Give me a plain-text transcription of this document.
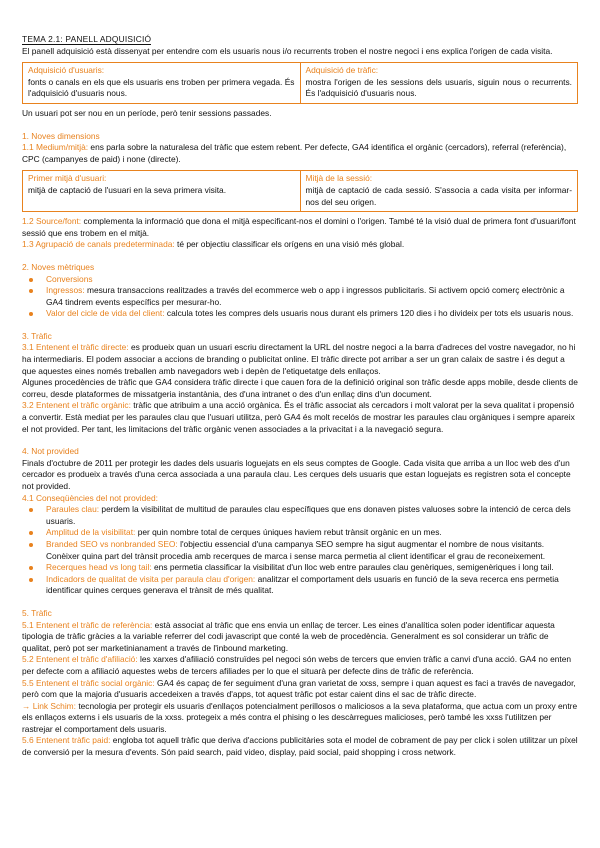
TEMA 2.1: PANELL ADQUISICIÓ

El panell adquisició està dissenyat per entendre com els usuaris nous i/o recurrents troben el nostre negoci i ens explica l'origen de cada visita.

Adquisició d'usuaris:
fonts o canals en els que els usuaris ens troben per primera vegada. És l'adquisició d'usuaris nous.
Adquisició de tràfic:
mostra l'origen de les sessions dels usuaris, siguin nous o recurrents. És l'adquisició d'usuaris nous.

Un usuari pot ser nou en un període, però tenir sessions passades.

1. Noves dimensions

1.1 Medium/mitjà: ens parla sobre la naturalesa del tràfic que estem rebent. Per defecte, GA4 identifica el orgànic (cercadors), referral (referència), CPC (campanyes de paid) i none (directe).

Primer mitjà d'usuari:
mitjà de captació de l'usuari en la seva primera visita.
Mitjà de la sessió:
mitjà de captació de cada sessió. S'associa a cada visita per informar-nos del seu origen.

1.2 Source/font: complementa la informació que dona el mitjà especificant-nos el domini o l'origen. També té la visió dual de primera font d'usuari/font sessió que ens trobem en el mitjà.

1.3 Agrupació de canals predeterminada: té per objectiu classificar els orígens en una visió més global.

2. Noves mètriques
Conversions
Ingressos: mesura transaccions realitzades a través del ecommerce web o app i ingressos publicitaris. Si activem opció comerç electrònic a GA4 tindrem events específics per mesurar-ho.
Valor del cicle de vida del client: calcula totes les compres dels usuaris nous durant els primers 120 dies i ho divideix per tots els usuaris nous.
3. Tràfic

3.1 Entenent el tràfic directe: es produeix quan un usuari escriu directament la URL del nostre negoci a la barra d'adreces del vostre navegador, no hi ha intermediaris. El podem associar a accions de branding o publicitat online. El tràfic directe pot arribar a ser un gran calaix de sastre i és degut a que aquestes eines només treballen amb navegadors web i depèn de l'etiquetatge dels enllaços.

Algunes procedències de tràfic que GA4 considera tràfic directe i que cauen fora de la definició original son tràfic desde apps mobile, desde clients de correu, desde plataformes de missatgeria instantània, des d'una intranet o des d'un enllaç dins d'un document.

3.2 Entenent el tràfic orgànic: tràfic que atribuim a una acció orgànica. És el tràfic associat als cercadors i molt valorat per la seva qualitat i propensió a convertir. Està mediat per les paraules clau que l'usuari utilitza, però GA4 és molt recelós de mostrar les paraules clau orgàniques i sempre apareix el not provided. Per tant, les limitacions del tràfic orgànic venen associades a la privacitat i a la navegació segura.

4. Not provided

Finals d'octubre de 2011 per protegir les dades dels usuaris loguejats en els seus comptes de Google. Cada visita que arriba a un lloc web des d'un cercador es produeix a través d'una cerca associada a una paraula clau. Les cerques dels usuaris que estan loguejats es registren sota el concepte not provided.

4.1 Conseqüències del not provided:
Paraules clau: perdem la visibilitat de multitud de paraules clau específiques que ens donaven pistes valuoses sobre la intenció de cerca dels usuaris.
Amplitud de la visibilitat: per quin nombre total de cerques úniques haviem rebut trànsit orgànic en un mes.
Branded SEO vs nonbranded SEO: l'objectiu essencial d'una campanya SEO sempre ha sigut augmentar el nombre de nous visitants. Conèixer quina part del trànsit procedia amb recerques de marca i sense marca permetia al client identificar el grau de reconeixement.
Recerques head vs long tail: ens permetia classificar la visibilitat d'un lloc web entre paraules clau genèriques, semigenèriques i long tail.
Indicadors de qualitat de visita per paraula clau d'origen: analitzar el comportament dels usuaris en funció de la seva recerca ens permetia identificar quines cerques generava el trànsit de més qualitat.
5. Tràfic

5.1 Entenent el tràfic de referència: està associat al tràfic que ens envia un enllaç de tercer. Les eines d'analítica solen poder identificar aquesta tipologia de tràfic gràcies a la variable referrer del codi javascript que conté la web de procedència. Generalment es sol considerar un tràfic de qualitat, però pot ser marketinianament a través de l'inbound marketing.

5.2 Entenent el tràfic d'afiliació: les xarxes d'afiliació construïdes pel negoci són webs de tercers que envien tràfic a canvi d'una acció. GA4 no enten per defecte com a afiliació aquestes webs de tercers afiliades per lo que el situarà per defecte dins de tràfic de referència.

5.5 Entenent el tràfic social orgànic: GA4 és capaç de fer seguiment d'una gran varietat de xxss, sempre i quan aquest es faci a través de navegador, però com que la majoria d'usuaris accedeixen a través d'apps, tot aquest tràfic pot estar caient dins el sac de tràfic directe.

→ Link Schim: tecnologia per protegir els usuaris d'enllaços potencialment perillosos o maliciosos a la seva plataforma, que actua com un proxy entre els enllaços externs i els usuaris de la xxss. protegeix a més contra el phising o les descàrregues malicioses, però també les xxss l'utilitzen per rastrejar el comportament dels usuaris.

5.6 Entenent tràfic paid: engloba tot aquell tràfic que deriva d'accions publicitàries sota el model de cobrament de pay per click i solen utilitzar un píxel de conversió per la mesura d'events. Són paid search, paid video, display, paid social, paid shopping i cross network.
